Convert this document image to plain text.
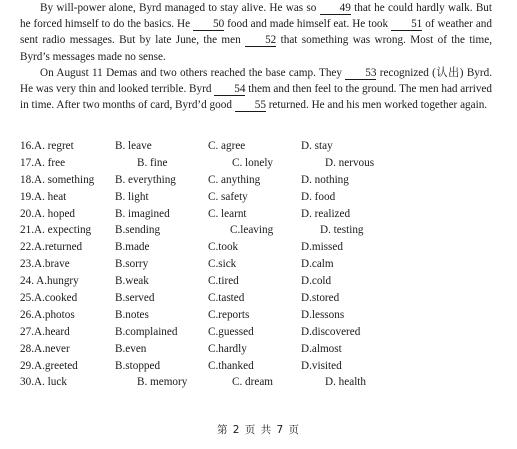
By will-power alone, Byrd managed to stay alive. He was so 49 that he could hardly walk. But he forced himself to do the basics. He 50 food and made himself eat. He took 51 of weather and sent radio messages. But by late June, the men 52 that something was wrong. Most of the time, Byrd’s messages made no sense.
On August 11 Demas and two others reached the base camp. They 53 recognized (认出) Byrd. He was very thin and looked terrible. Byrd 54 them and then feel to the ground. The men had arrived in time. After two months of card, Byrd’d good 55 returned. He and his men worked together again.
16.A. regret	B. leave	C. agree	D. stay
17.A. free	B. fine	C. lonely	D. nervous
18.A. something B. everything	C. anything	D. nothing
19.A. heat	B. light	C. safety	D. food
20.A. hoped	B. imagined	C. learnt	D. realized
21.A. expecting B.sending	C.leaving	D. testing
22.A.returned	B.made	C.took	D.missed
23.A.brave	B.sorry	C.sick	D.calm
24. A.hungry	B.weak	C.tired	D.cold
25.A.cooked	B.served	C.tasted	D.stored
26.A.photos	B.notes	C.reports	D.lessons
27.A.heard	B.complained	C.guessed	D.discovered
28.A.never	B.even	C.hardly	D.almost
29.A.greeted	B.stopped	C.thanked	D.visited
30.A. luck	B. memory	C. dream	D. health
第 2 页 共 7 页
